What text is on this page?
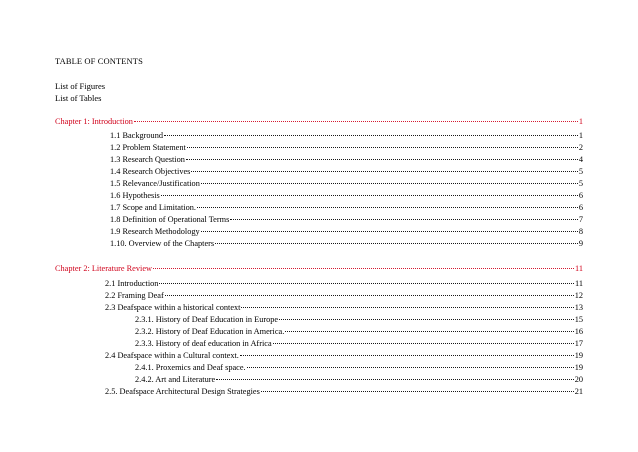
TABLE OF CONTENTS
List of Figures
List of Tables
Chapter 1: Introduction	1
1.1 Background	1
1.2 Problem Statement	2
1.3 Research Question	4
1.4 Research Objectives	5
1.5 Relevance/Justification	5
1.6 Hypothesis	6
1.7 Scope and Limitation.	6
1.8 Definition of Operational Terms	7
1.9 Research Methodology	8
1.10. Overview of the Chapters	9
Chapter 2: Literature Review	11
2.1 Introduction	11
2.2 Framing Deaf	12
2.3 Deafspace within a historical context	13
2.3.1. History of Deaf Education in Europe	15
2.3.2. History of Deaf Education in America.	16
2.3.3. History of deaf education in Africa	17
2.4 Deafspace within a Cultural context.	19
2.4.1. Proxemics and Deaf space.	19
2.4.2. Art and Literature	20
2.5. Deafspace Architectural Design Strategies	21
